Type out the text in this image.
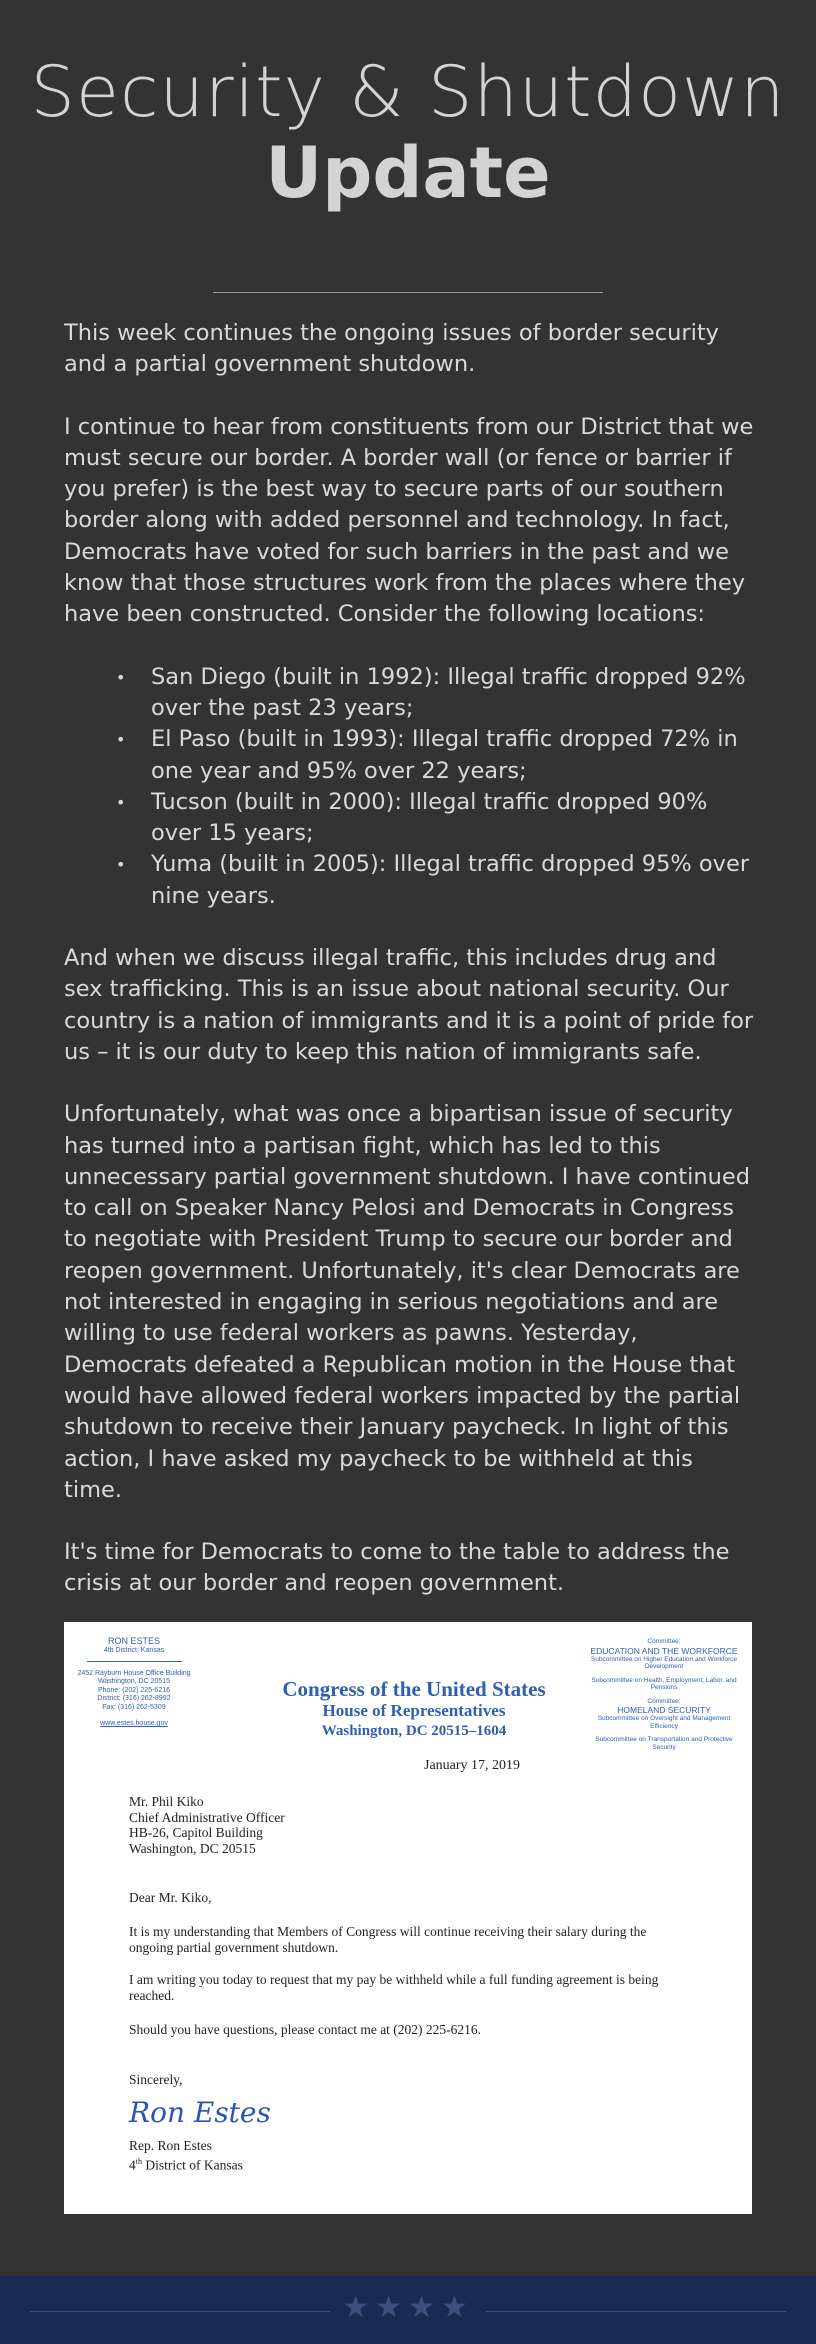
Security & Shutdown
Update

This week continues the ongoing issues of border security and a partial government shutdown.

I continue to hear from constituents from our District that we must secure our border. A border wall (or fence or barrier if you prefer) is the best way to secure parts of our southern border along with added personnel and technology. In fact, Democrats have voted for such barriers in the past and we know that those structures work from the places where they have been constructed. Consider the following locations:

• San Diego (built in 1992): Illegal traffic dropped 92% over the past 23 years;
• El Paso (built in 1993): Illegal traffic dropped 72% in one year and 95% over 22 years;
• Tucson (built in 2000): Illegal traffic dropped 90% over 15 years;
• Yuma (built in 2005): Illegal traffic dropped 95% over nine years.

And when we discuss illegal traffic, this includes drug and sex trafficking. This is an issue about national security. Our country is a nation of immigrants and it is a point of pride for us – it is our duty to keep this nation of immigrants safe.

Unfortunately, what was once a bipartisan issue of security has turned into a partisan fight, which has led to this unnecessary partial government shutdown. I have continued to call on Speaker Nancy Pelosi and Democrats in Congress to negotiate with President Trump to secure our border and reopen government. Unfortunately, it's clear Democrats are not interested in engaging in serious negotiations and are willing to use federal workers as pawns. Yesterday, Democrats defeated a Republican motion in the House that would have allowed federal workers impacted by the partial shutdown to receive their January paycheck. In light of this action, I have asked my paycheck to be withheld at this time.

It's time for Democrats to come to the table to address the crisis at our border and reopen government.

RON ESTES
4th District, Kansas
2452 Rayburn House Office Building
Washington, DC 20515
Phone: (202) 225-6216
District: (316) 262-8992
Fax: (316) 262-5309
www.estes.house.gov
Congress of the United States
House of Representatives
Washington, DC 20515–1604
Committee:
EDUCATION AND THE WORKFORCE
Subcommittee on Higher Education and Workforce Development
Subcommittee on Health, Employment, Labor, and Pensions
Committee:
HOMELAND SECURITY
Subcommittee on Oversight and Management Efficiency
Subcommittee on Transportation and Protective Security
January 17, 2019
Mr. Phil Kiko
Chief Administrative Officer
HB-26, Capitol Building
Washington, DC 20515
Dear Mr. Kiko,
It is my understanding that Members of Congress will continue receiving their salary during the ongoing partial government shutdown.
I am writing you today to request that my pay be withheld while a full funding agreement is being reached.
Should you have questions, please contact me at (202) 225-6216.
Sincerely,
Ron Estes
Rep. Ron Estes
4th District of Kansas
★★★★
